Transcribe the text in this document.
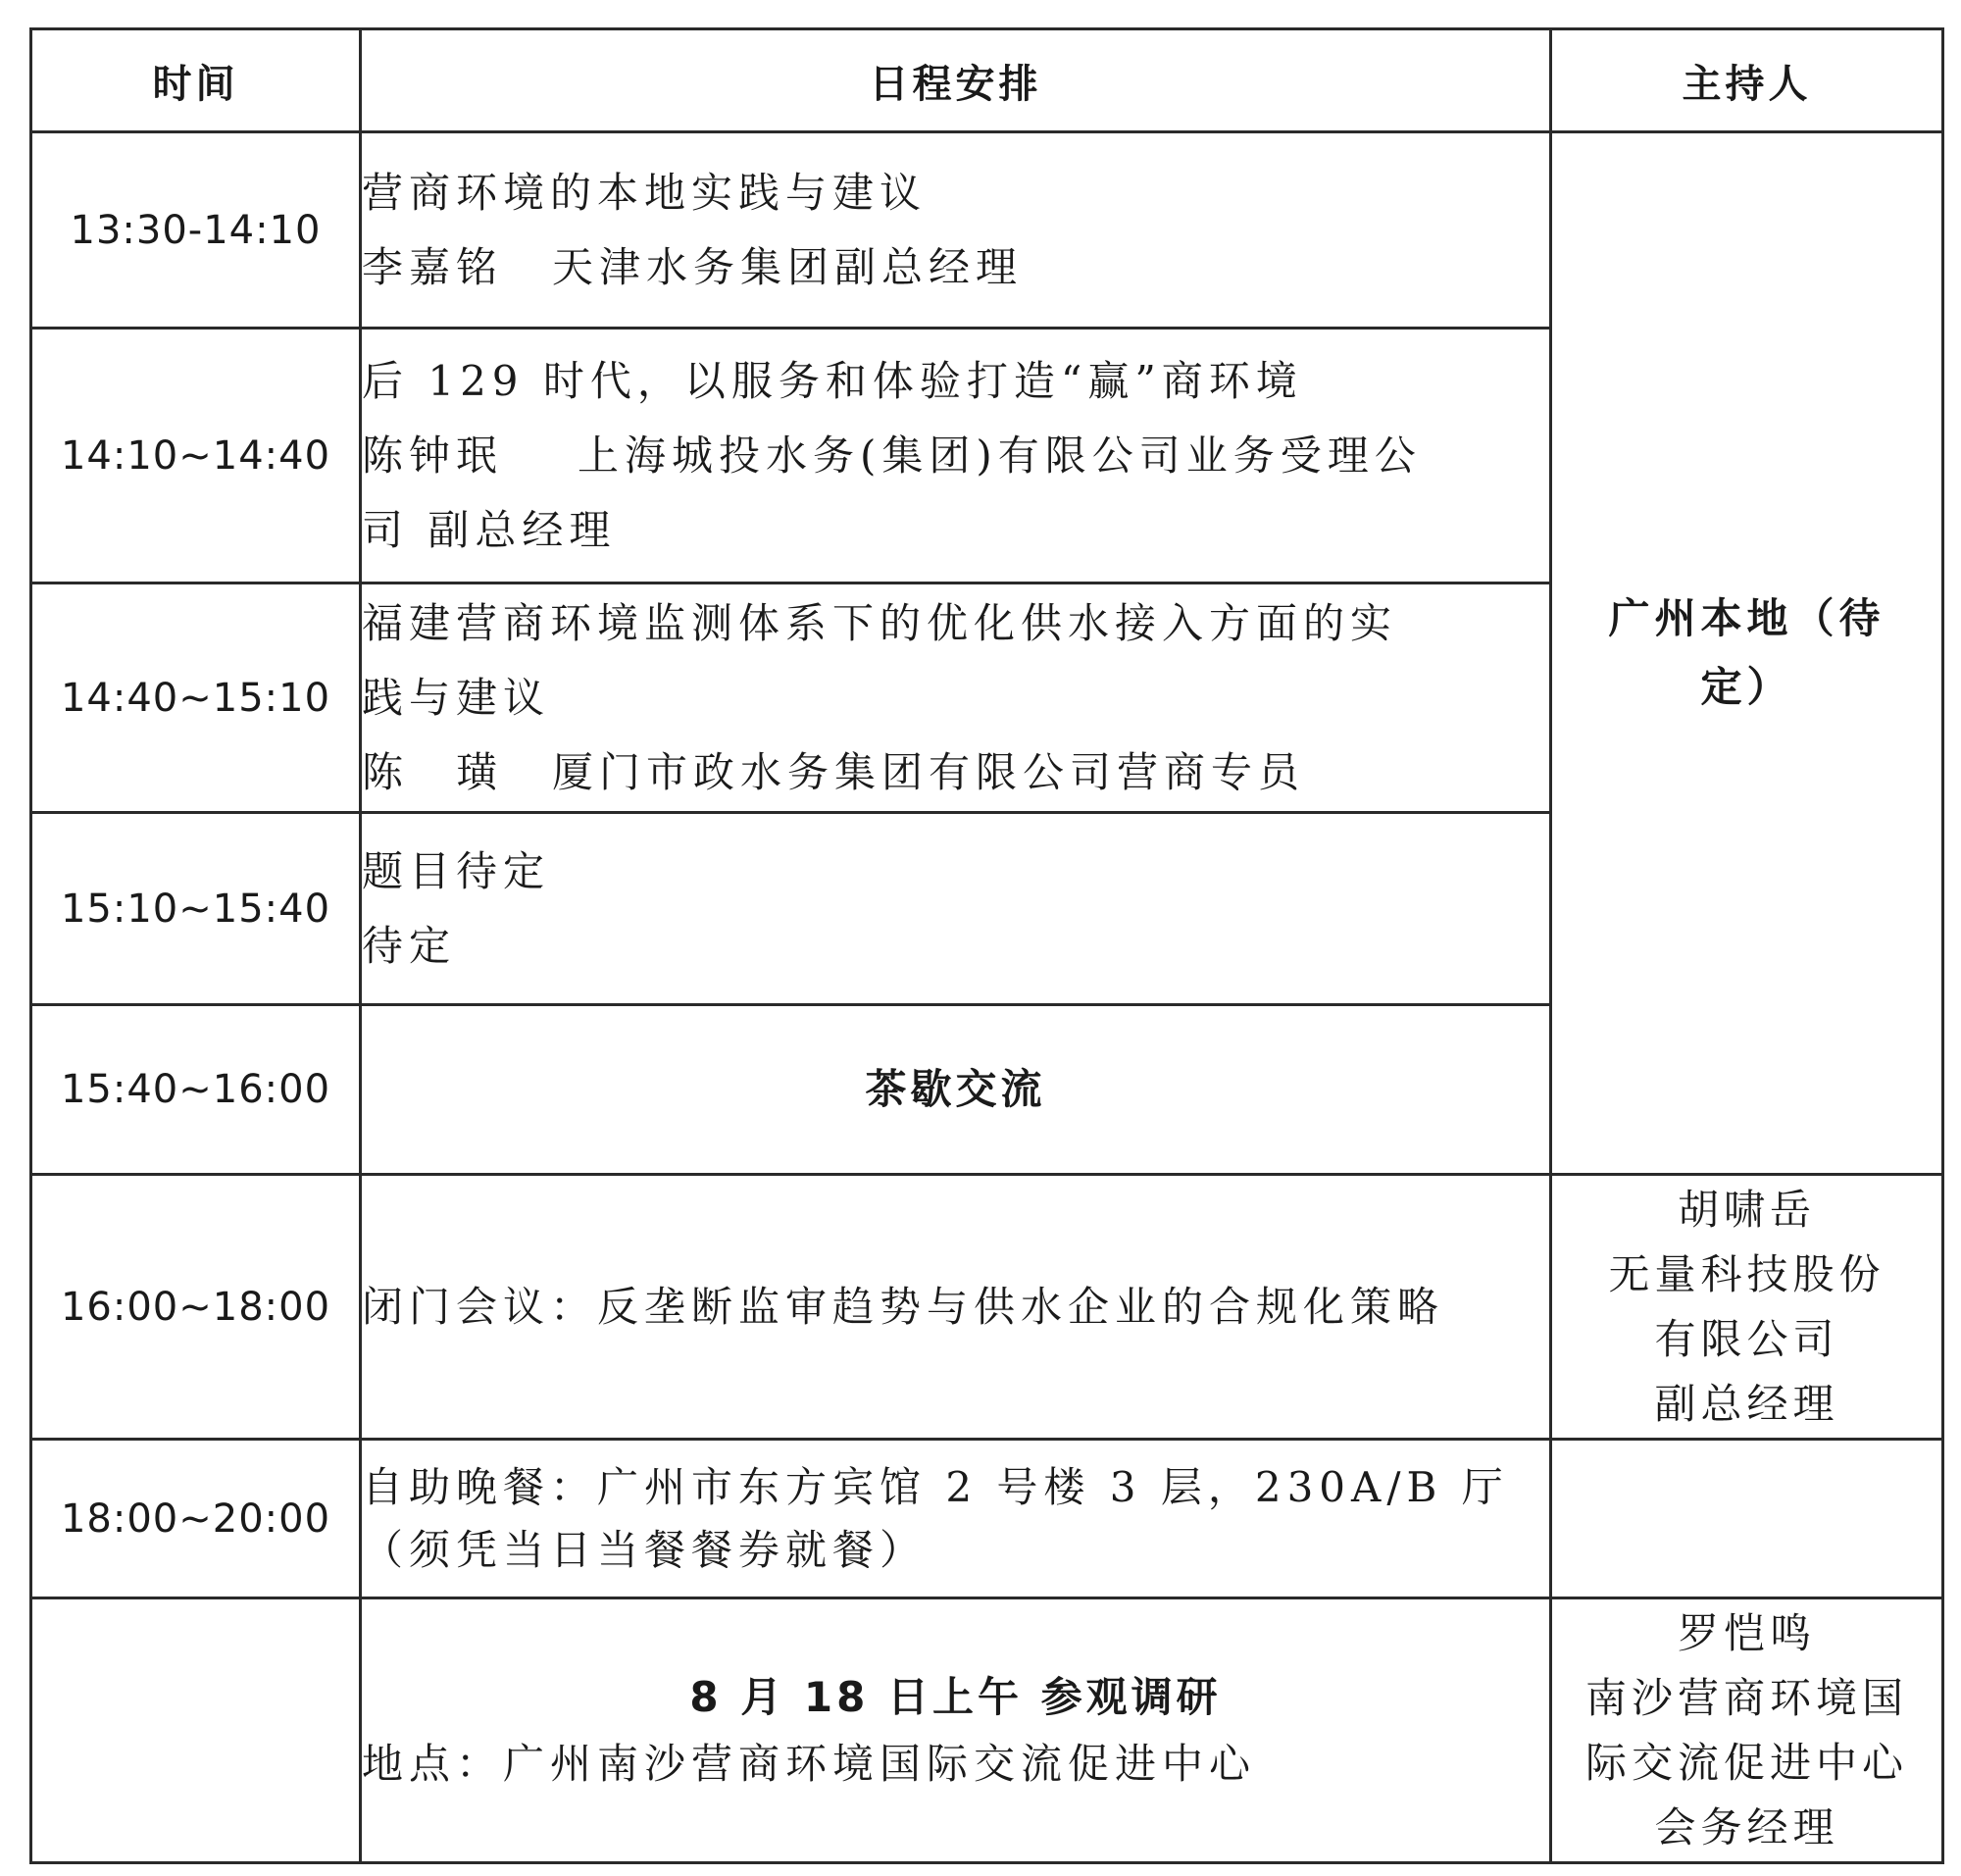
时间	日程安排	主持人
13:30-14:10	营商环境的本地实践与建议
李嘉铭 天津水务集团副总经理	广州本地（待
定）

14:10~14:40	后 129 时代，以服务和体验打造“赢”商环境
陈钟珉 上海城投水务(集团)有限公司业务受理公
司 副总经理	

14:40~15:10	福建营商环境监测体系下的优化供水接入方面的实
践与建议
陈　璜 厦门市政水务集团有限公司营商专员	

15:10~15:40	题目待定
待定	

15:40~16:00	茶歇交流	
16:00~18:00	闭门会议：反垄断监审趋势与供水企业的合规化策略	胡啸岳
无量科技股份
有限公司
副总经理

18:00~20:00	自助晚餐：广州市东方宾馆 2 号楼 3 层，230A/B 厅
（须凭当日当餐餐券就餐）	

	8 月 18 日上午 参观调研
地点：广州南沙营商环境国际交流促进中心	罗恺鸣
南沙营商环境国
际交流促进中心
会务经理
